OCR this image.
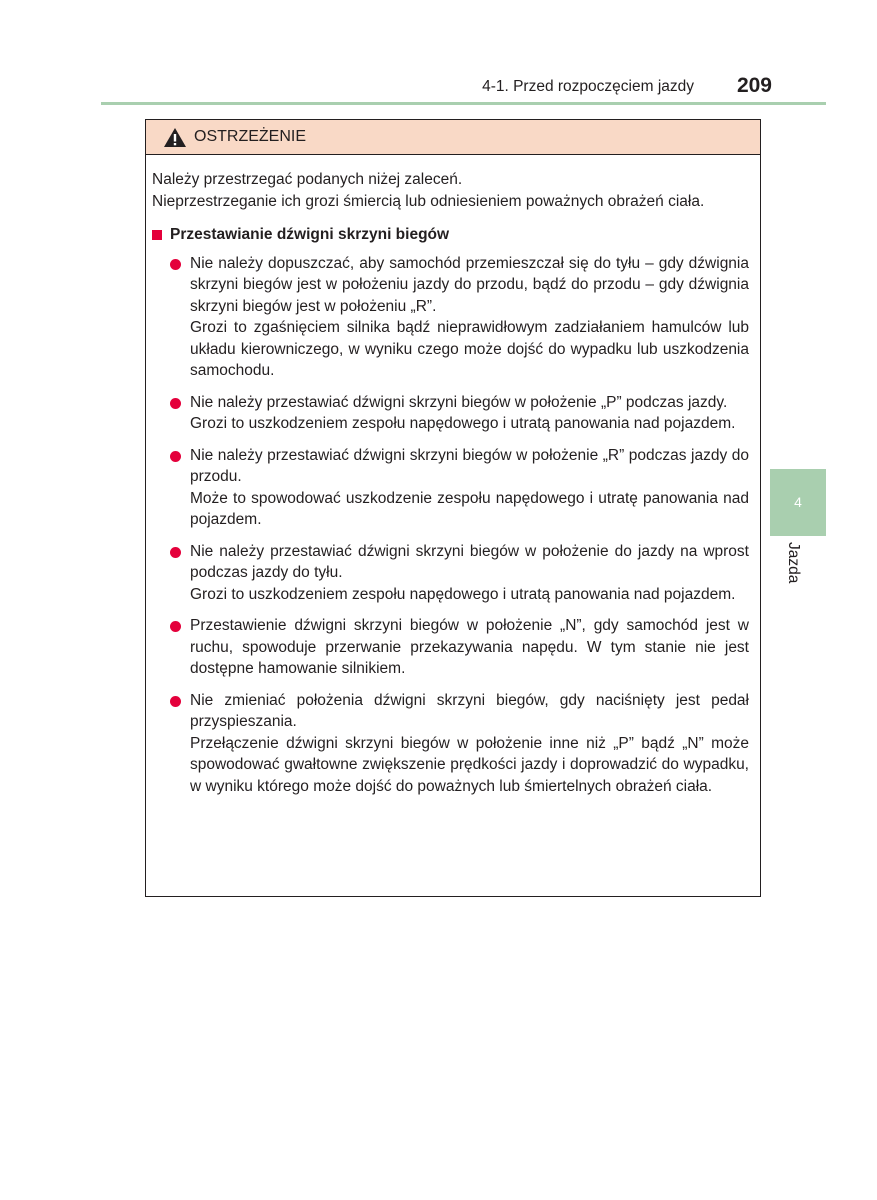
4-1. Przed rozpoczęciem jazdy 209
OSTRZEŻENIE

Należy przestrzegać podanych niżej zaleceń.

Nieprzestrzeganie ich grozi śmiercią lub odniesieniem poważnych obrażeń ciała.

Przestawianie dźwigni skrzyni biegów
Nie należy dopuszczać, aby samochód przemieszczał się do tyłu – gdy dźwignia skrzyni biegów jest w położeniu jazdy do przodu, bądź do przodu – gdy dźwignia skrzyni biegów jest w położeniu „R”.
Grozi to zgaśnięciem silnika bądź nieprawidłowym zadziałaniem hamulców lub układu kierowniczego, w wyniku czego może dojść do wypadku lub uszkodzenia samochodu.
Nie należy przestawiać dźwigni skrzyni biegów w położenie „P” podczas jazdy.
Grozi to uszkodzeniem zespołu napędowego i utratą panowania nad pojazdem.
Nie należy przestawiać dźwigni skrzyni biegów w położenie „R” podczas jazdy do przodu.
Może to spowodować uszkodzenie zespołu napędowego i utratę panowania nad pojazdem.
Nie należy przestawiać dźwigni skrzyni biegów w położenie do jazdy na wprost podczas jazdy do tyłu.
Grozi to uszkodzeniem zespołu napędowego i utratą panowania nad pojazdem.
Przestawienie dźwigni skrzyni biegów w położenie „N”, gdy samochód jest w ruchu, spowoduje przerwanie przekazywania napędu. W tym stanie nie jest dostępne hamowanie silnikiem.
Nie zmieniać położenia dźwigni skrzyni biegów, gdy naciśnięty jest pedał przyspieszania.
Przełączenie dźwigni skrzyni biegów w położenie inne niż „P” bądź „N” może spowodować gwałtowne zwiększenie prędkości jazdy i doprowadzić do wypadku, w wyniku którego może dojść do poważnych lub śmiertelnych obrażeń ciała.
4
Jazda
